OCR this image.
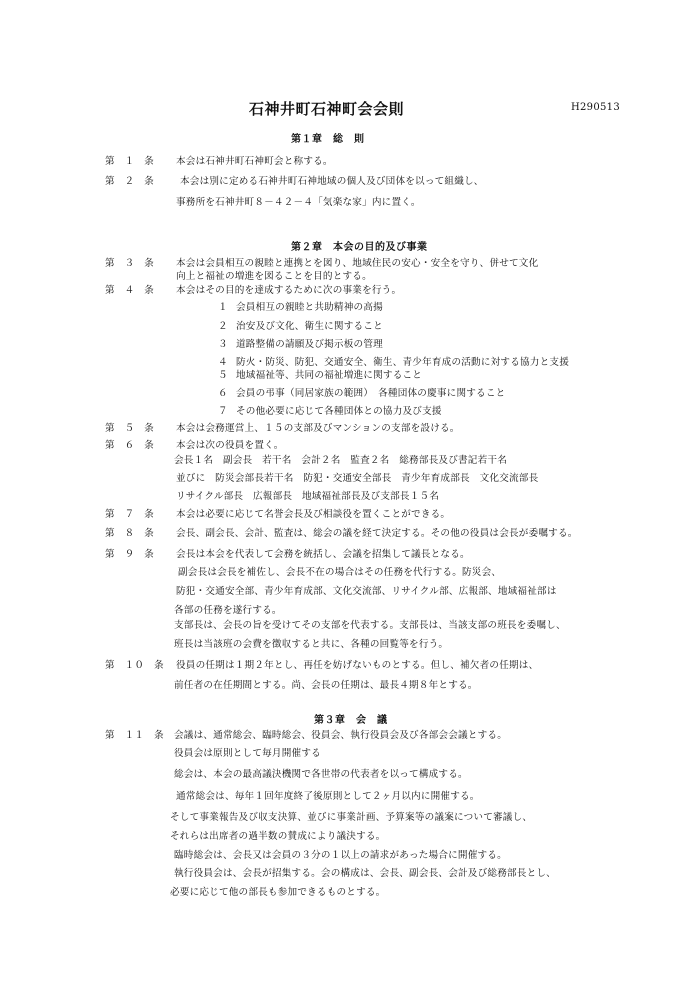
石神井町石神町会会則	H290513
第１章　総　則
第　１　条 本会は石神井町石神町会と称する。
第　２　条	本会は別に定める石神井町石神地域の個人及び団体を以って組織し、
事務所を石神井町８－４２－４「気楽な家」内に置く。
第２章　本会の目的及び事業
第　３　条 本会は会員相互の親睦と連携とを図り、地域住民の安心・安全を守り、併せて文化
向上と福祉の増進を図ることを目的とする。
第　４　条 本会はその目的を達成するために次の事業を行う。
１ 会員相互の親睦と共助精神の高揚
２ 治安及び文化、衛生に関すること
３ 道路整備の請願及び掲示板の管理
４ 防火・防災、防犯、交通安全、衛生、青少年育成の活動に対する協力と支援
５ 地域福祉等、共同の福祉増進に関すること
６ 会員の弔事（同居家族の範囲）　各種団体の慶事に関すること
７ その他必要に応じて各種団体との協力及び支援
第　５　条 本会は会務運営上、１５の支部及びマンションの支部を設ける。
第　６　条 本会は次の役員を置く。
会長１名　副会長　若干名　会計２名　監査２名　総務部長及び書記若干名
並びに　防災会部長若干名　防犯・交通安全部長　青少年育成部長　文化交流部長
リサイクル部長　広報部長　地域福祉部長及び支部長１５名
第　７　条 本会は必要に応じて名誉会長及び相談役を置くことができる。
第　８　条 会長、副会長、会計、監査は、総会の議を経て決定する。その他の役員は会長が委嘱する。
第　９　条 会長は本会を代表して会務を統括し、会議を招集して議長となる。
副会長は会長を補佐し、会長不在の場合はその任務を代行する。防災会、
防犯・交通安全部、青少年育成部、文化交流部、リサイクル部、広報部、地域福祉部は
各部の任務を遂行する。
支部長は、会長の旨を受けてその支部を代表する。支部長は、当該支部の班長を委嘱し、
班長は当該班の会費を徴収すると共に、各種の回覧等を行う。
第　１０　条 役員の任期は１期２年とし、再任を妨げないものとする。但し、補欠者の任期は、
前任者の在任期間とする。尚、会長の任期は、最長４期８年とする。
第３章　会　議
第　１１　条 会議は、通常総会、臨時総会、役員会、執行役員会及び各部会会議とする。
役員会は原則として毎月開催する
総会は、本会の最高議決機関で各世帯の代表者を以って構成する。
通常総会は、毎年１回年度終了後原則として２ヶ月以内に開催する。
そして事業報告及び収支決算、並びに事業計画、予算案等の議案について審議し、
それらは出席者の過半数の賛成により議決する。
臨時総会は、会長又は会員の３分の１以上の請求があった場合に開催する。
執行役員会は、会長が招集する。会の構成は、会長、副会長、会計及び総務部長とし、
必要に応じて他の部長も参加できるものとする。
